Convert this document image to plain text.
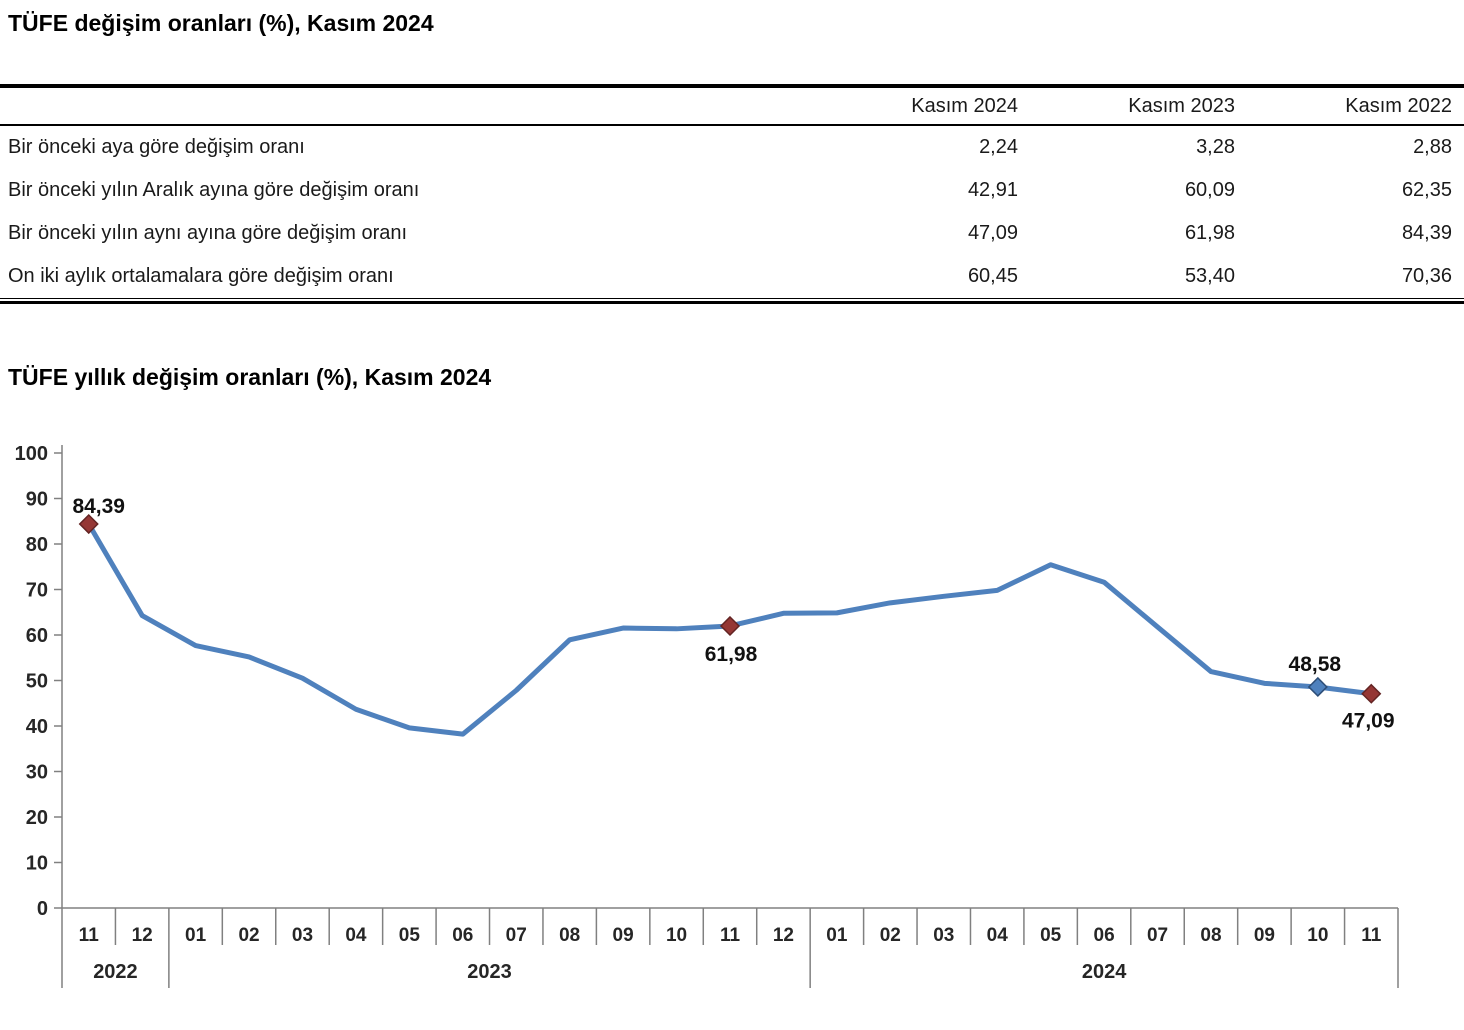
TÜFE değişim oranları (%), Kasım 2024
	Kasım 2024	Kasım 2023	Kasım 2022
Bir önceki aya göre değişim oranı	2,24	3,28	2,88
Bir önceki yılın Aralık ayına göre değişim oranı	42,91	60,09	62,35
Bir önceki yılın aynı ayına göre değişim oranı	47,09	61,98	84,39
On iki aylık ortalamalara göre değişim oranı	60,45	53,40	70,36
TÜFE yıllık değişim oranları (%), Kasım 2024
0
10
20
30
40
50
60
70
80
90
100
11 12 01 02 03 04 05 06 07 08 09 10 11 12 01 02 03 04 05 06 07 08 09 10 11
2022	2023	2024
84,39
61,98	48,58
47,09
